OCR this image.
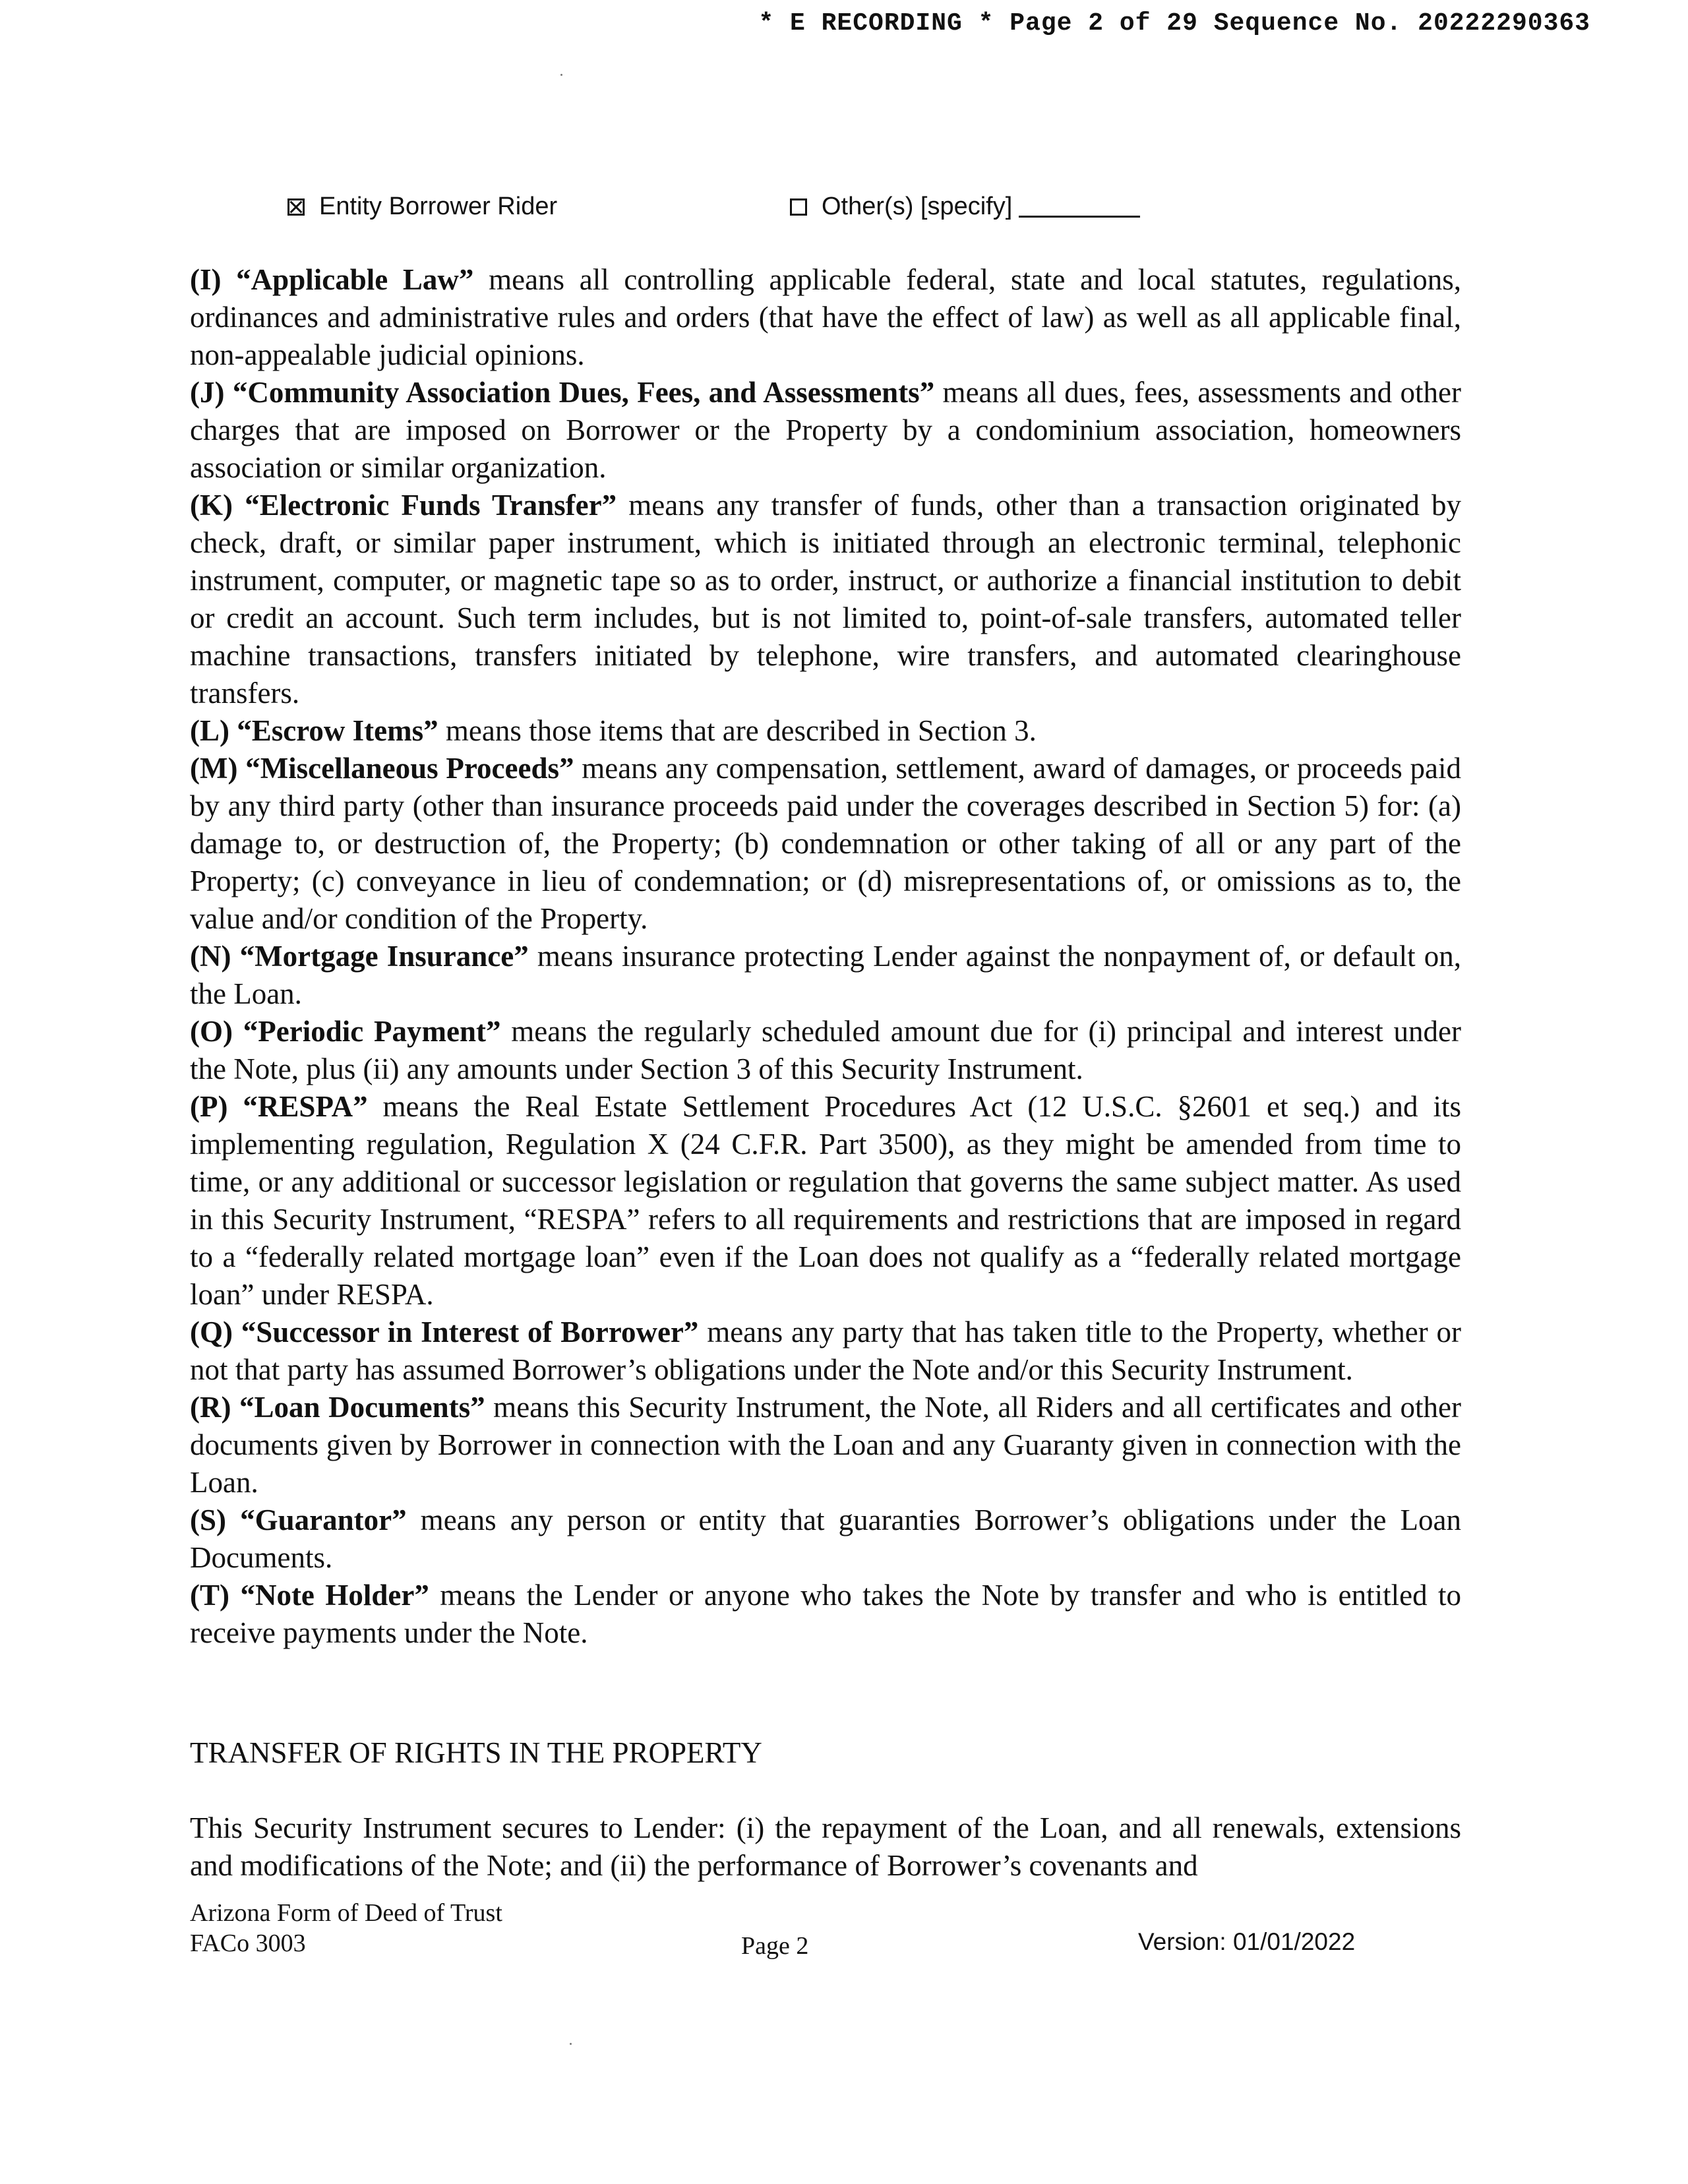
* E RECORDING * Page 2 of 29 Sequence No. 20222290363
Entity Borrower Rider	Other(s) [specify]

(I) “Applicable Law” means all controlling applicable federal, state and local statutes, regulations, ordinances and administrative rules and orders (that have the effect of law) as well as all applicable final, non-appealable judicial opinions.

(J) “Community Association Dues, Fees, and Assessments” means all dues, fees, assessments and other charges that are imposed on Borrower or the Property by a condominium association, homeowners association or similar organization.

(K) “Electronic Funds Transfer” means any transfer of funds, other than a transaction originated by check, draft, or similar paper instrument, which is initiated through an electronic terminal, telephonic instrument, computer, or magnetic tape so as to order, instruct, or authorize a financial institution to debit or credit an account. Such term includes, but is not limited to, point-of-sale transfers, automated teller machine transactions, transfers initiated by telephone, wire transfers, and automated clearinghouse transfers.

(L) “Escrow Items” means those items that are described in Section 3.

(M) “Miscellaneous Proceeds” means any compensation, settlement, award of damages, or proceeds paid by any third party (other than insurance proceeds paid under the coverages described in Section 5) for: (a) damage to, or destruction of, the Property; (b) condemnation or other taking of all or any part of the Property; (c) conveyance in lieu of condemnation; or (d) misrepresentations of, or omissions as to, the value and/or condition of the Property.

(N) “Mortgage Insurance” means insurance protecting Lender against the nonpayment of, or default on, the Loan.

(O) “Periodic Payment” means the regularly scheduled amount due for (i) principal and interest under the Note, plus (ii) any amounts under Section 3 of this Security Instrument.

(P) “RESPA” means the Real Estate Settlement Procedures Act (12 U.S.C. §2601 et seq.) and its implementing regulation, Regulation X (24 C.F.R. Part 3500), as they might be amended from time to time, or any additional or successor legislation or regulation that governs the same subject matter. As used in this Security Instrument, “RESPA” refers to all requirements and restrictions that are imposed in regard to a “federally related mortgage loan” even if the Loan does not qualify as a “federally related mortgage loan” under RESPA.

(Q) “Successor in Interest of Borrower” means any party that has taken title to the Property, whether or not that party has assumed Borrower’s obligations under the Note and/or this Security Instrument.

(R) “Loan Documents” means this Security Instrument, the Note, all Riders and all certificates and other documents given by Borrower in connection with the Loan and any Guaranty given in connection with the Loan.

(S) “Guarantor” means any person or entity that guaranties Borrower’s obligations under the Loan Documents.

(T) “Note Holder” means the Lender or anyone who takes the Note by transfer and who is entitled to receive payments under the Note.

TRANSFER OF RIGHTS IN THE PROPERTY

This Security Instrument secures to Lender: (i) the repayment of the Loan, and all renewals, extensions and modifications of the Note; and (ii) the performance of Borrower’s covenants and

Arizona Form of Deed of Trust
FACo 3003	Page 2	Version: 01/01/2022
